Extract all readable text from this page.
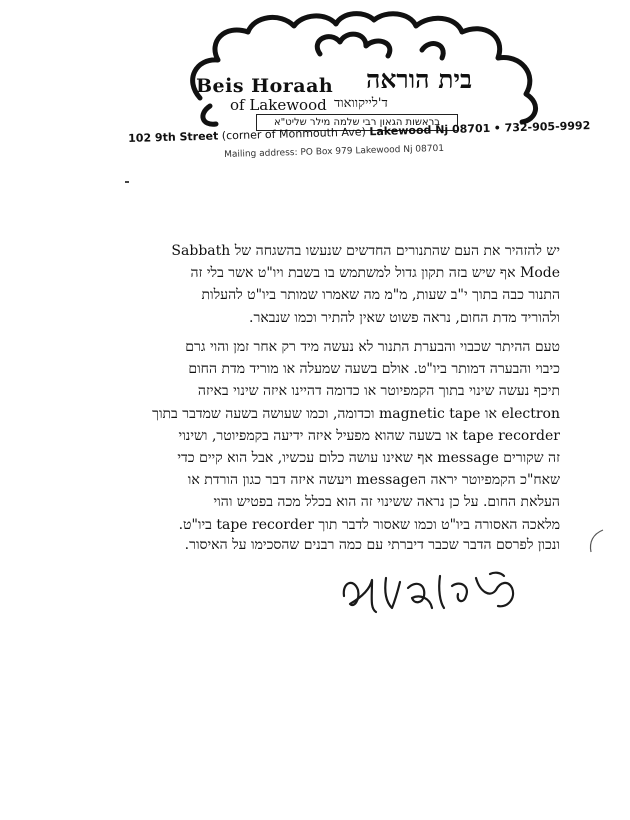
Beis Horaah בית הוראה
of Lakewood ד'לייקוואוד
בראשות הגאון רבי שלמה מילר שליט"א
102 9th Street (corner of Monmouth Ave) Lakewood Nj 08701 • 732-905-9992
Mailing address: PO Box 979 Lakewood Nj 08701

יש להזהיר את העם שהתנורים החדשים שנעשו בהשגחה של Sabbath

Mode אף שיש בזה תקון גדול למשתמש בו בשבת ויו"ט אשר בלי זה

התנור כבה בתוך י"ב שעות, מ"מ מה שאמרו שמותר ביו"ט להעלות

ולהוריד מדת החום, נראה פשוט שאין להתיר וכמו שנבאר.

טעם ההיתר שכבוי והבערת התנור לא נעשה מיד רק אחר זמן והוי גרם

כיבוי והבערה דמותר ביו"ט. אולם בשעה שמעלה או מוריד מדת החום

תיכף נעשה שינוי בתוך הקמפיוטר או כדומה דהיינו איזה שינוי באיזה

electron או magnetic tape וכדומה, וכמו שעושה בשעה שמדבר בתוך

tape recorder או בשעה שהוא מפעיל איזה ידיעה בקמפיוטר, ושינוי

זה שקורים message אף שאינו עושה כלום עכשיו, אבל הוא קיים כדי

שאח"כ הקמפיוטר יראה הmessage ויעשה איזה דבר כגון הורדת או

העלאת החום. על כן נראה ששינוי זה הוא בכלל מכה בפטיש והוי

מלאכה האסורה ביו"ט וכמו שאסור לדבר תוך tape recorder ביו"ט.

ונכון לפרסם הדבר שכבר דיברתי עם כמה רבנים שהסכימו על האיסור.
